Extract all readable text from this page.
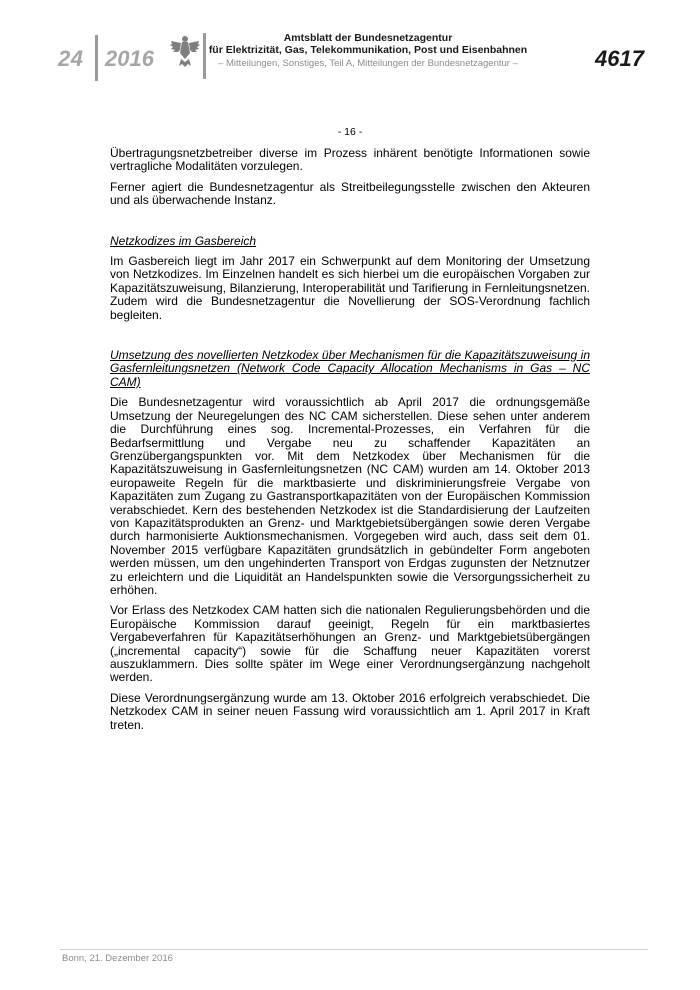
24 2016
Amtsblatt der Bundesnetzagentur
für Elektrizität, Gas, Telekommunikation, Post und Eisenbahnen
– Mitteilungen, Sonstiges, Teil A, Mitteilungen der Bundesnetzagentur –	4617
- 16 -

Übertragungsnetzbetreiber diverse im Prozess inhärent benötigte Informationen sowie vertragliche Modalitäten vorzulegen.

Ferner agiert die Bundesnetzagentur als Streitbeilegungsstelle zwischen den Akteuren und als überwachende Instanz.

Netzkodizes im Gasbereich

Im Gasbereich liegt im Jahr 2017 ein Schwerpunkt auf dem Monitoring der Umsetzung von Netzkodizes. Im Einzelnen handelt es sich hierbei um die europäischen Vorgaben zur Kapazitätszuweisung, Bilanzierung, Interoperabilität und Tarifierung in Fernleitungsnetzen. Zudem wird die Bundesnetzagentur die Novellierung der SOS-Verordnung fachlich begleiten.

Umsetzung des novellierten Netzkodex über Mechanismen für die Kapazitätszuweisung in Gasfernleitungsnetzen (Network Code Capacity Allocation Mechanisms in Gas – NC CAM)

Die Bundesnetzagentur wird voraussichtlich ab April 2017 die ordnungsgemäße Umsetzung der Neuregelungen des NC CAM sicherstellen. Diese sehen unter anderem die Durchführung eines sog. Incremental-Prozesses, ein Verfahren für die Bedarfsermittlung und Vergabe neu zu schaffender Kapazitäten an Grenzübergangspunkten vor. Mit dem Netzkodex über Mechanismen für die Kapazitätszuweisung in Gasfernleitungsnetzen (NC CAM) wurden am 14. Oktober 2013 europaweite Regeln für die marktbasierte und diskriminierungsfreie Vergabe von Kapazitäten zum Zugang zu Gastransportkapazitäten von der Europäischen Kommission verabschiedet. Kern des bestehenden Netzkodex ist die Standardisierung der Laufzeiten von Kapazitätsprodukten an Grenz- und Marktgebietsübergängen sowie deren Vergabe durch harmonisierte Auktionsmechanismen. Vorgegeben wird auch, dass seit dem 01. November 2015 verfügbare Kapazitäten grundsätzlich in gebündelter Form angeboten werden müssen, um den ungehinderten Transport von Erdgas zugunsten der Netznutzer zu erleichtern und die Liquidität an Handelspunkten sowie die Versorgungssicherheit zu erhöhen.

Vor Erlass des Netzkodex CAM hatten sich die nationalen Regulierungsbehörden und die Europäische Kommission darauf geeinigt, Regeln für ein marktbasiertes Vergabeverfahren für Kapazitätserhöhungen an Grenz- und Marktgebietsübergängen („incremental capacity“) sowie für die Schaffung neuer Kapazitäten vorerst auszuklammern. Dies sollte später im Wege einer Verordnungsergänzung nachgeholt werden.

Diese Verordnungsergänzung wurde am 13. Oktober 2016 erfolgreich verabschiedet. Die Netzkodex CAM in seiner neuen Fassung wird voraussichtlich am 1. April 2017 in Kraft treten.

Bonn, 21. Dezember 2016
